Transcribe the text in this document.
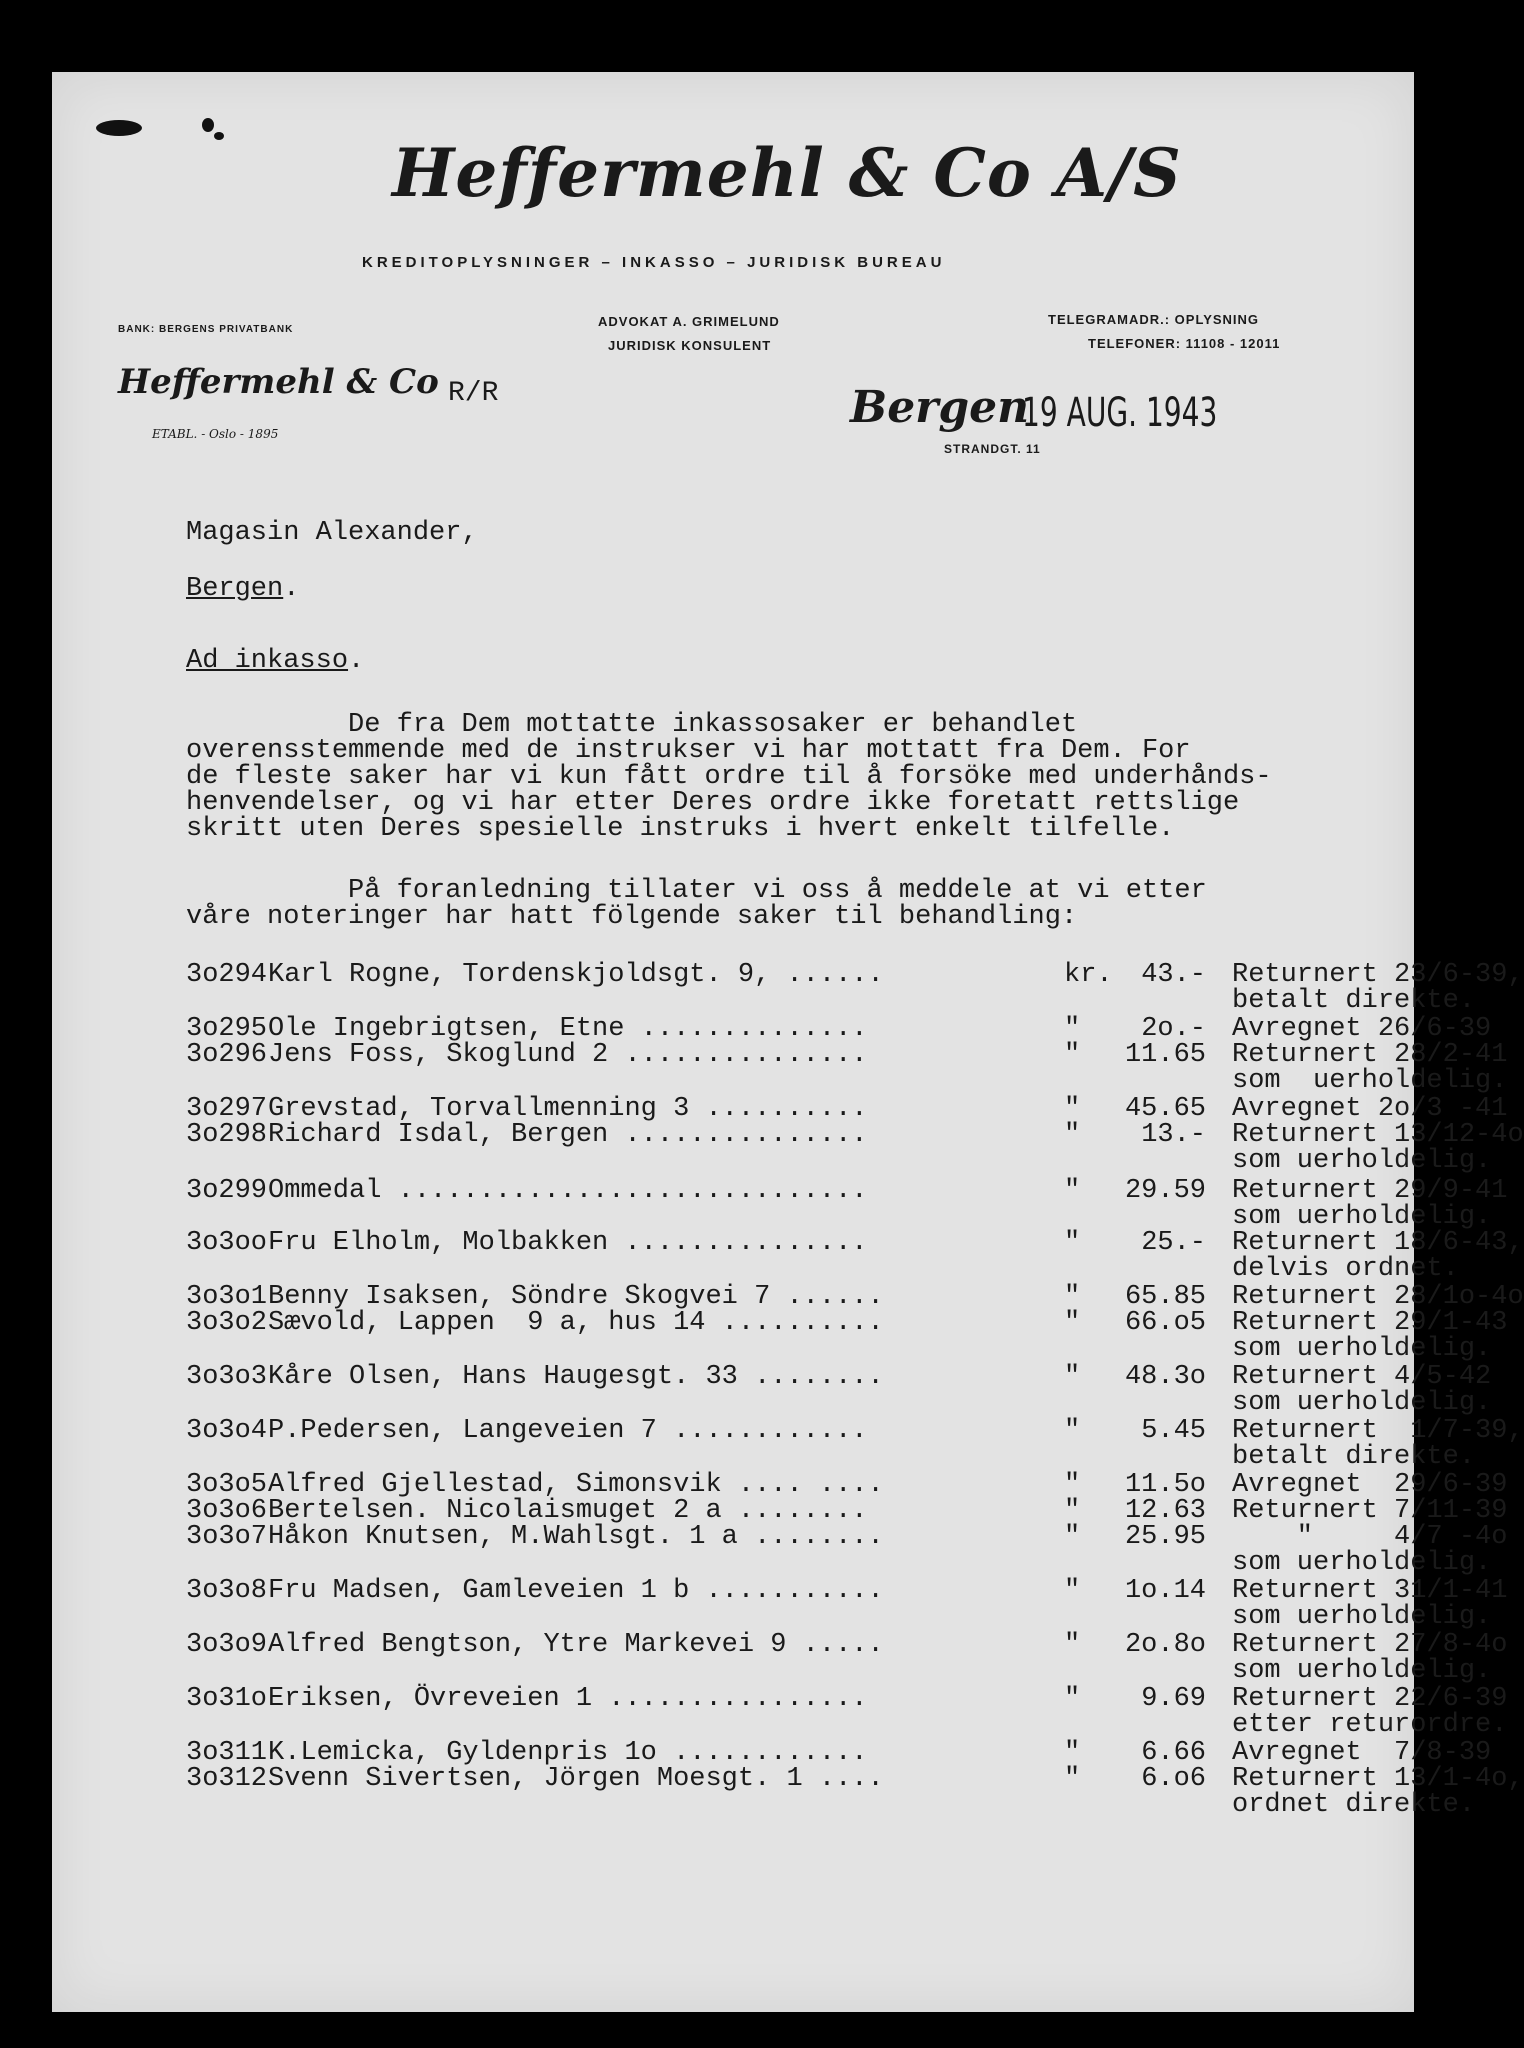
Heffermehl & Co A/S
KREDITOPLYSNINGER – INKASSO – JURIDISK BUREAU
BANK: BERGENS PRIVATBANK
ADVOKAT A. GRIMELUND
JURIDISK KONSULENT
TELEGRAMADR.: OPLYSNING
TELEFONER: 11108 - 12011
Heffermehl & Co
ETABL. - Oslo - 1895
R/R	Bergen
19 AUG. 1943
STRANDGT. 11
Magasin Alexander,
Bergen.
Ad inkasso.
De fra Dem mottatte inkassosaker er behandlet
overensstemmende med de instrukser vi har mottatt fra Dem. For
de fleste saker har vi kun fått ordre til å forsöke med underhånds-
henvendelser, og vi har etter Deres ordre ikke foretatt rettslige
skritt uten Deres spesielle instruks i hvert enkelt tilfelle.
På foranledning tillater vi oss å meddele at vi etter
våre noteringer har hatt fölgende saker til behandling:
3o294 Karl Rogne, Tordenskjoldsgt. 9, ......	kr.	43.- Returnert 23/6-39,
betalt direkte.
3o295 Ole Ingebrigtsen, Etne ..............	"	2o.- Avregnet 26/6-39
3o296 Jens Foss, Skoglund 2 ...............	"	11.65 Returnert 28/2-41
som  uerholdelig.
3o297 Grevstad, Torvallmenning 3 ..........	"	45.65 Avregnet 2o/3 -41
3o298 Richard Isdal, Bergen ...............	"	13.- Returnert 13/12-4o
som uerholdelig.
3o299 Ommedal .............................	"	29.59 Returnert 29/9-41
som uerholdelig.
3o3oo Fru Elholm, Molbakken ...............	"	25.- Returnert 18/6-43,
delvis ordnet.
3o3o1 Benny Isaksen, Söndre Skogvei 7 ......	"	65.85 Returnert 28/1o-4o
3o3o2 Sævold, Lappen  9 a, hus 14 ..........	"	66.o5 Returnert 29/1-43
som uerholdelig.
3o3o3 Kåre Olsen, Hans Haugesgt. 33 ........	"	48.3o Returnert 4/5-42
som uerholdelig.
3o3o4 P.Pedersen, Langeveien 7 ............	"	5.45 Returnert  1/7-39,
betalt direkte.
3o3o5 Alfred Gjellestad, Simonsvik .... ....	"	11.5o Avregnet  29/6-39
3o3o6 Bertelsen. Nicolaismuget 2 a ........	"	12.63 Returnert 7/11-39
3o3o7 Håkon Knutsen, M.Wahlsgt. 1 a ........	"	25.95 "     4/7 -4o
som uerholdelig.
3o3o8 Fru Madsen, Gamleveien 1 b ...........	"	1o.14 Returnert 31/1-41
som uerholdelig.
3o3o9 Alfred Bengtson, Ytre Markevei 9 .....	"	2o.8o Returnert 27/8-4o
som uerholdelig.
3o31o Eriksen, Övreveien 1 ................	"	9.69 Returnert 22/6-39
etter returordre.
3o311 K.Lemicka, Gyldenpris 1o ............	"	6.66 Avregnet  7/8-39
3o312 Svenn Sivertsen, Jörgen Moesgt. 1 ....	"	6.o6 Returnert 13/1-4o,
ordnet direkte.
